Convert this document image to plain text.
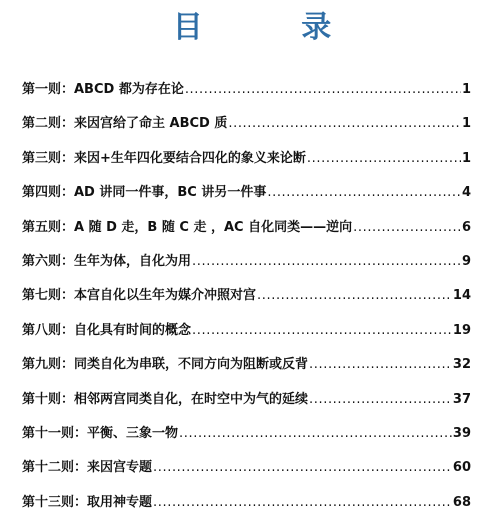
目 录
第一则：ABCD 都为存在论 .....	1
第二则：来因宫给了命主 ABCD 质 .....	1
第三则：来因+生年四化要结合四化的象义来论断 .....	1
第四则：AD 讲同一件事，BC 讲另一件事 .....	4
第五则：A 随 D 走，B 随 C 走 ，AC 自化同类——逆向 .....	6
第六则：生年为体，自化为用 .....	9
第七则：本宫自化以生年为媒介冲照对宫 .....	14
第八则：自化具有时间的概念 .....	19
第九则：同类自化为串联，不同方向为阻断或反背 .....	32
第十则：相邻两宫同类自化，在时空中为气的延续 .....	37
第十一则：平衡、三象一物 .....	39
第十二则：来因宫专题 .....	60
第十三则：取用神专题 .....	68
